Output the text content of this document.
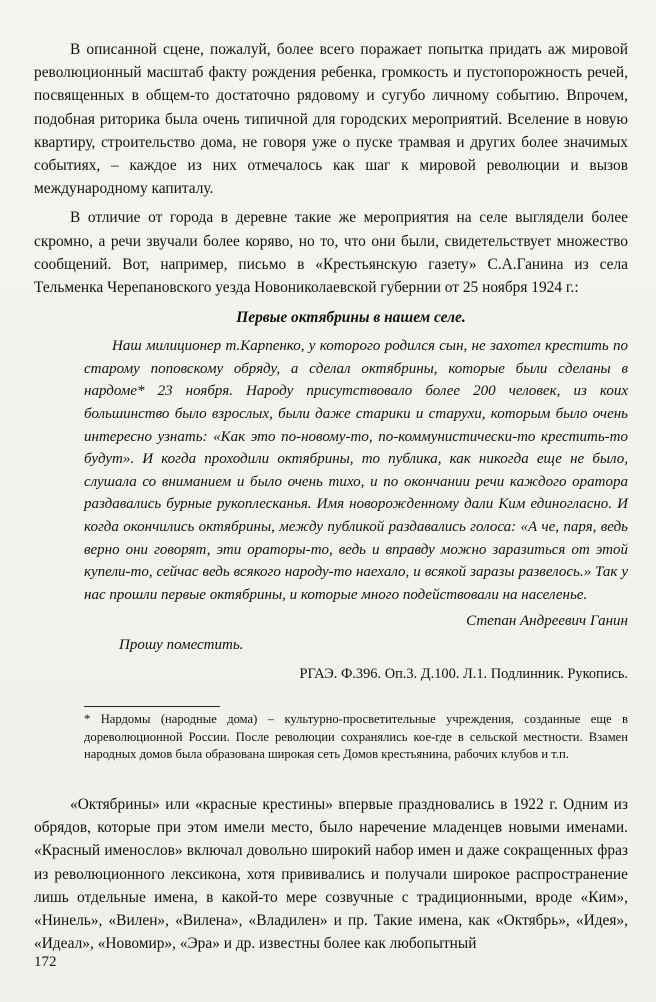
В описанной сцене, пожалуй, более всего поражает попытка придать аж мировой революционный масштаб факту рождения ребенка, громкость и пустопорожность речей, посвященных в общем-то достаточно рядовому и сугубо личному событию. Впрочем, подобная риторика была очень типичной для городских мероприятий. Вселение в новую квартиру, строительство дома, не говоря уже о пуске трамвая и других более значимых событиях, – каждое из них отмечалось как шаг к мировой революции и вызов международному капиталу.

В отличие от города в деревне такие же мероприятия на селе выглядели более скромно, а речи звучали более коряво, но то, что они были, свидетельствует множество сообщений. Вот, например, письмо в «Крестьянскую газету» С.А.Ганина из села Тельменка Черепановского уезда Новониколаевской губернии от 25 ноября 1924 г.:

Первые октябрины в нашем селе.

Наш милиционер т.Карпенко, у которого родился сын, не захотел крестить по старому поповскому обряду, а сделал октябрины, которые были сделаны в нардоме* 23 ноября. Народу присутствовало более 200 человек, из коих большинство было взрослых, были даже старики и старухи, которым было очень интересно узнать: «Как это по-новому-то, по-коммунистически-то крестить-то будут». И когда проходили октябрины, то публика, как никогда еще не было, слушала со вниманием и было очень тихо, и по окончании речи каждого оратора раздавались бурные рукоплесканья. Имя новорожденному дали Ким единогласно. И когда окончились октябрины, между публикой раздавались голоса: «А че, паря, ведь верно они говорят, эти ораторы-то, ведь и вправду можно заразиться от этой купели-то, сейчас ведь всякого народу-то наехало, и всякой заразы развелось.» Так у нас прошли первые октябрины, и которые много подействовали на населенье.

Степан Андреевич Ганин
Прошу поместить.
РГАЭ. Ф.396. Оп.3. Д.100. Л.1. Подлинник. Рукопись.

* Нардомы (народные дома) – культурно-просветительные учреждения, созданные еще в дореволюционной России. После революции сохранялись кое-где в сельской местности. Взамен народных домов была образована широкая сеть Домов крестьянина, рабочих клубов и т.п.

«Октябрины» или «красные крестины» впервые праздновались в 1922 г. Одним из обрядов, которые при этом имели место, было наречение младенцев новыми именами. «Красный именослов» включал довольно широкий набор имен и даже сокращенных фраз из революционного лексикона, хотя прививались и получали широкое распространение лишь отдельные имена, в какой-то мере созвучные с традиционными, вроде «Ким», «Нинель», «Вилен», «Вилена», «Владилен» и пр. Такие имена, как «Октябрь», «Идея», «Идеал», «Новомир», «Эра» и др. известны более как любопытный

172
